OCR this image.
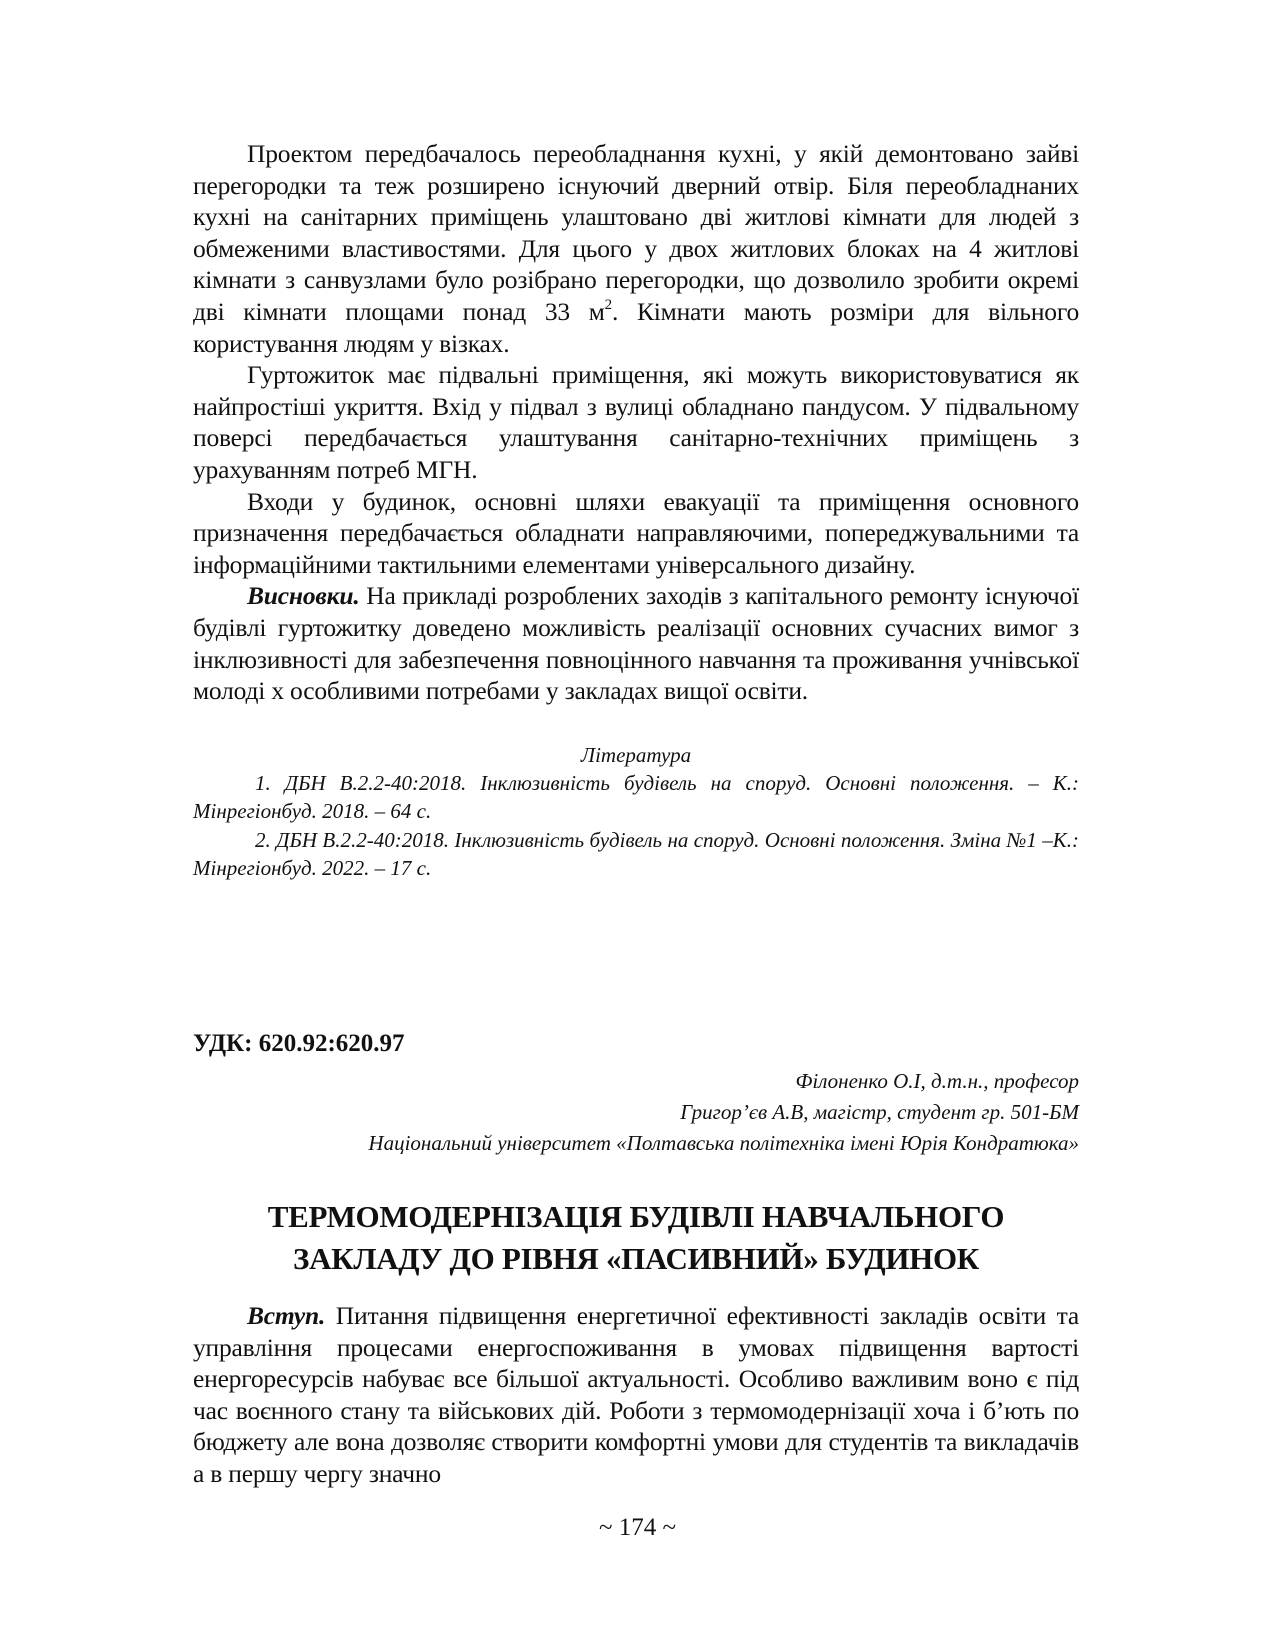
Проектом передбачалось переобладнання кухні, у якій демонтовано зайві перегородки та теж розширено існуючий дверний отвір. Біля переобладнаних кухні на санітарних приміщень улаштовано дві житлові кімнати для людей з обмеженими властивостями. Для цього у двох житлових блоках на 4 житлові кімнати з санвузлами було розібрано перегородки, що дозволило зробити окремі дві кімнати площами понад 33 $м^2$. Кімнати мають розміри для вільного користування людям у візках.

Гуртожиток має підвальні приміщення, які можуть використовуватися як найпростіші укриття. Вхід у підвал з вулиці обладнано пандусом. У підвальному поверсі передбачається улаштування санітарно-технічних приміщень з урахуванням потреб МГН.

Входи у будинок, основні шляхи евакуації та приміщення основного призначення передбачається обладнати направляючими, попереджувальними та інформаційними тактильними елементами універсального дизайну.

Висновки. На прикладі розроблених заходів з капітального ремонту існуючої будівлі гуртожитку доведено можливість реалізації основних сучасних вимог з інклюзивності для забезпечення повноцінного навчання та проживання учнівської молоді х особливими потребами у закладах вищої освіти.

Література

1. ДБН В.2.2-40:2018. Інклюзивність будівель на споруд. Основні положення. – К.: Мінрегіонбуд. 2018. – 64 с.

2. ДБН В.2.2-40:2018. Інклюзивність будівель на споруд. Основні положення. Зміна №1 –К.: Мінрегіонбуд. 2022. – 17 с.

УДК: 620.92:620.97
Філоненко О.І, д.т.н., професор
Григор’єв А.В, магістр, студент гр. 501-БМ
Національний університет «Полтавська політехніка імені Юрія Кондратюка»
ТЕРМОМОДЕРНІЗАЦІЯ БУДІВЛІ НАВЧАЛЬНОГО
ЗАКЛАДУ ДО РІВНЯ «ПАСИВНИЙ» БУДИНОК

Вступ. Питання підвищення енергетичної ефективності закладів освіти та управління процесами енергоспоживання в умовах підвищення вартості енергоресурсів набуває все більшої актуальності. Особливо важливим воно є під час воєнного стану та військових дій. Роботи з термомодернізації хоча і б’ють по бюджету але вона дозволяє створити комфортні умови для студентів та викладачів а в першу чергу значно

~ 174 ~
